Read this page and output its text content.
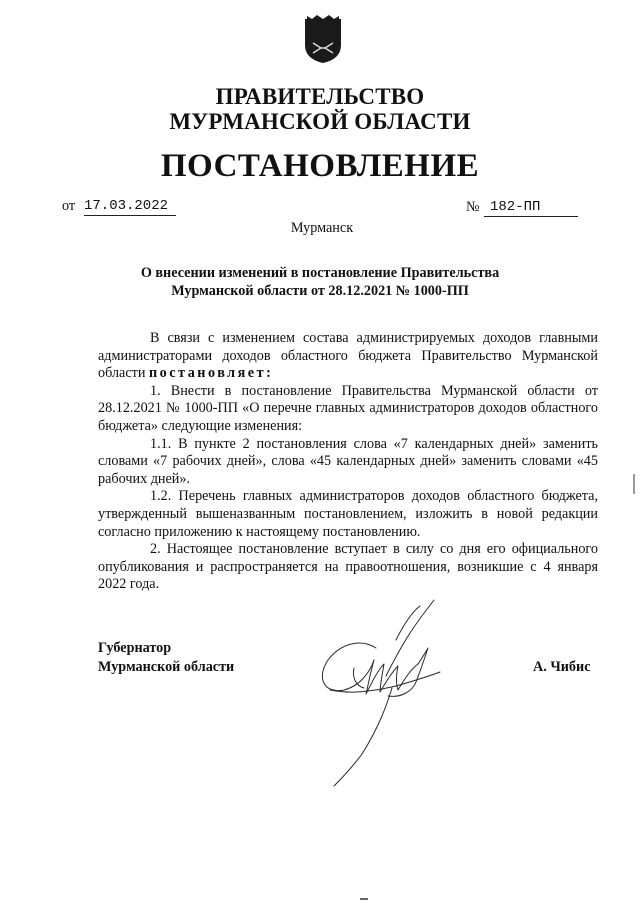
ПРАВИТЕЛЬСТВО
МУРМАНСКОЙ ОБЛАСТИ
ПОСТАНОВЛЕНИЕ
от 17.03.2022	№ 182-ПП
Мурманск
О внесении изменений в постановление Правительства
Мурманской области от 28.12.2021 № 1000-ПП

В связи с изменением состава администрируемых доходов главными администраторами доходов областного бюджета Правительство Мурманской области постановляет:

1. Внести в постановление Правительства Мурманской области от 28.12.2021 № 1000-ПП «О перечне главных администраторов доходов областного бюджета» следующие изменения:

1.1. В пункте 2 постановления слова «7 календарных дней» заменить словами «7 рабочих дней», слова «45 календарных дней» заменить словами «45 рабочих дней».

1.2. Перечень главных администраторов доходов областного бюджета, утвержденный вышеназванным постановлением, изложить в новой редакции согласно приложению к настоящему постановлению.

2. Настоящее постановление вступает в силу со дня его официального опубликования и распространяется на правоотношения, возникшие с 4 января 2022 года.

Губернатор
Мурманской области	А. Чибис
